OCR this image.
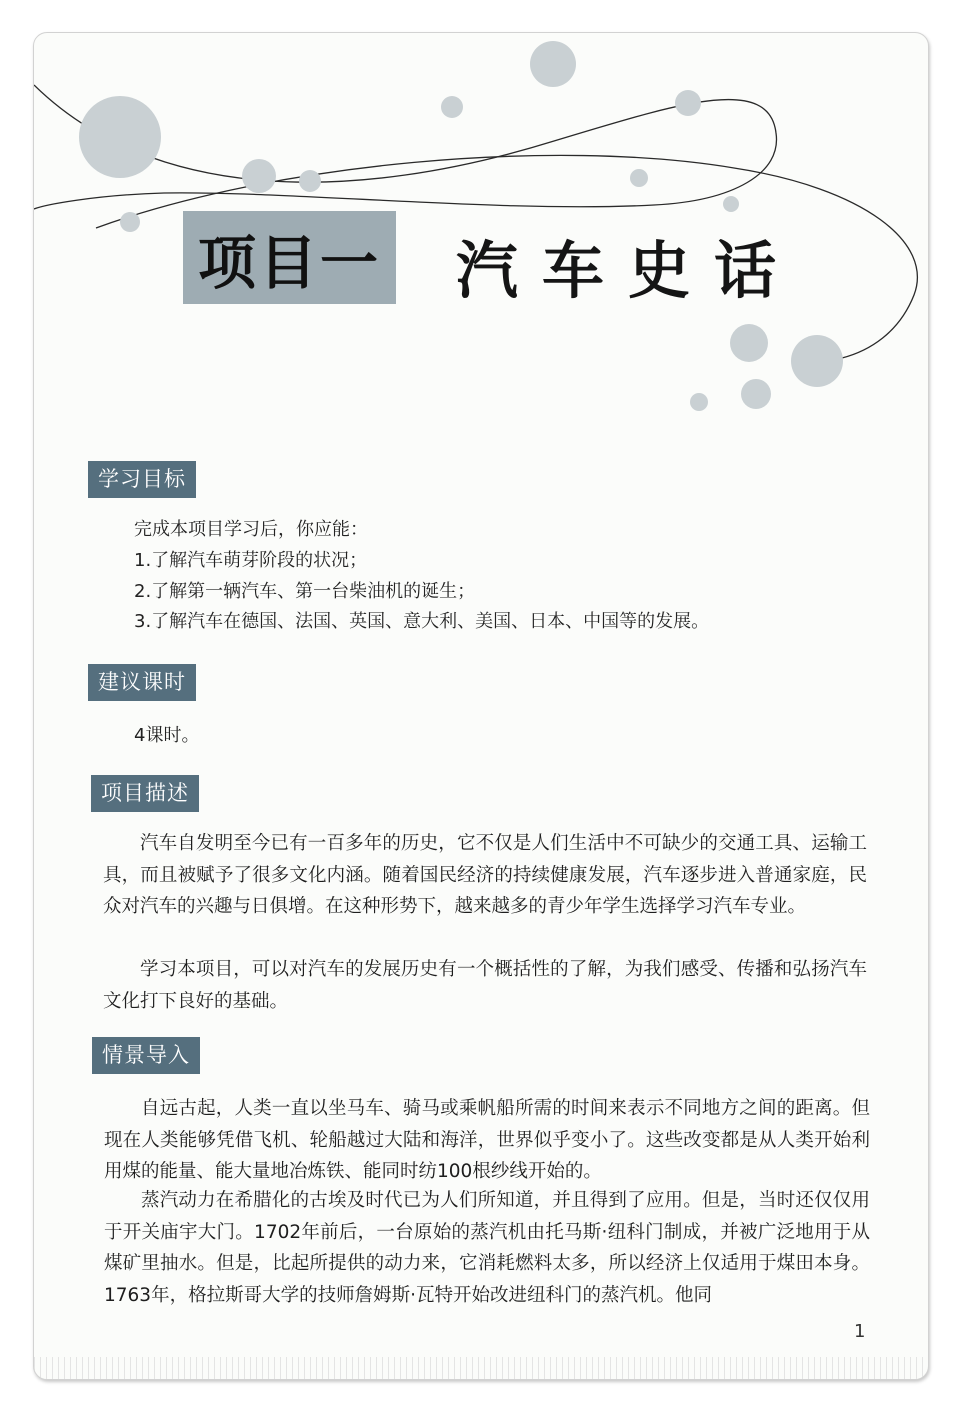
项目一 汽车史话
学习目标

完成本项目学习后，你应能：

1.了解汽车萌芽阶段的状况；

2.了解第一辆汽车、第一台柴油机的诞生；

3.了解汽车在德国、法国、英国、意大利、美国、日本、中国等的发展。

建议课时

4课时。

项目描述

汽车自发明至今已有一百多年的历史，它不仅是人们生活中不可缺少的交通工具、运输工具，而且被赋予了很多文化内涵。随着国民经济的持续健康发展，汽车逐步进入普通家庭，民众对汽车的兴趣与日俱增。在这种形势下，越来越多的青少年学生选择学习汽车专业。

学习本项目，可以对汽车的发展历史有一个概括性的了解，为我们感受、传播和弘扬汽车文化打下良好的基础。

情景导入

自远古起，人类一直以坐马车、骑马或乘帆船所需的时间来表示不同地方之间的距离。但现在人类能够凭借飞机、轮船越过大陆和海洋，世界似乎变小了。这些改变都是从人类开始利用煤的能量、能大量地冶炼铁、能同时纺100根纱线开始的。

蒸汽动力在希腊化的古埃及时代已为人们所知道，并且得到了应用。但是，当时还仅仅用于开关庙宇大门。1702年前后，一台原始的蒸汽机由托马斯·纽科门制成，并被广泛地用于从煤矿里抽水。但是，比起所提供的动力来，它消耗燃料太多，所以经济上仅适用于煤田本身。1763年，格拉斯哥大学的技师詹姆斯·瓦特开始改进纽科门的蒸汽机。他同

1
